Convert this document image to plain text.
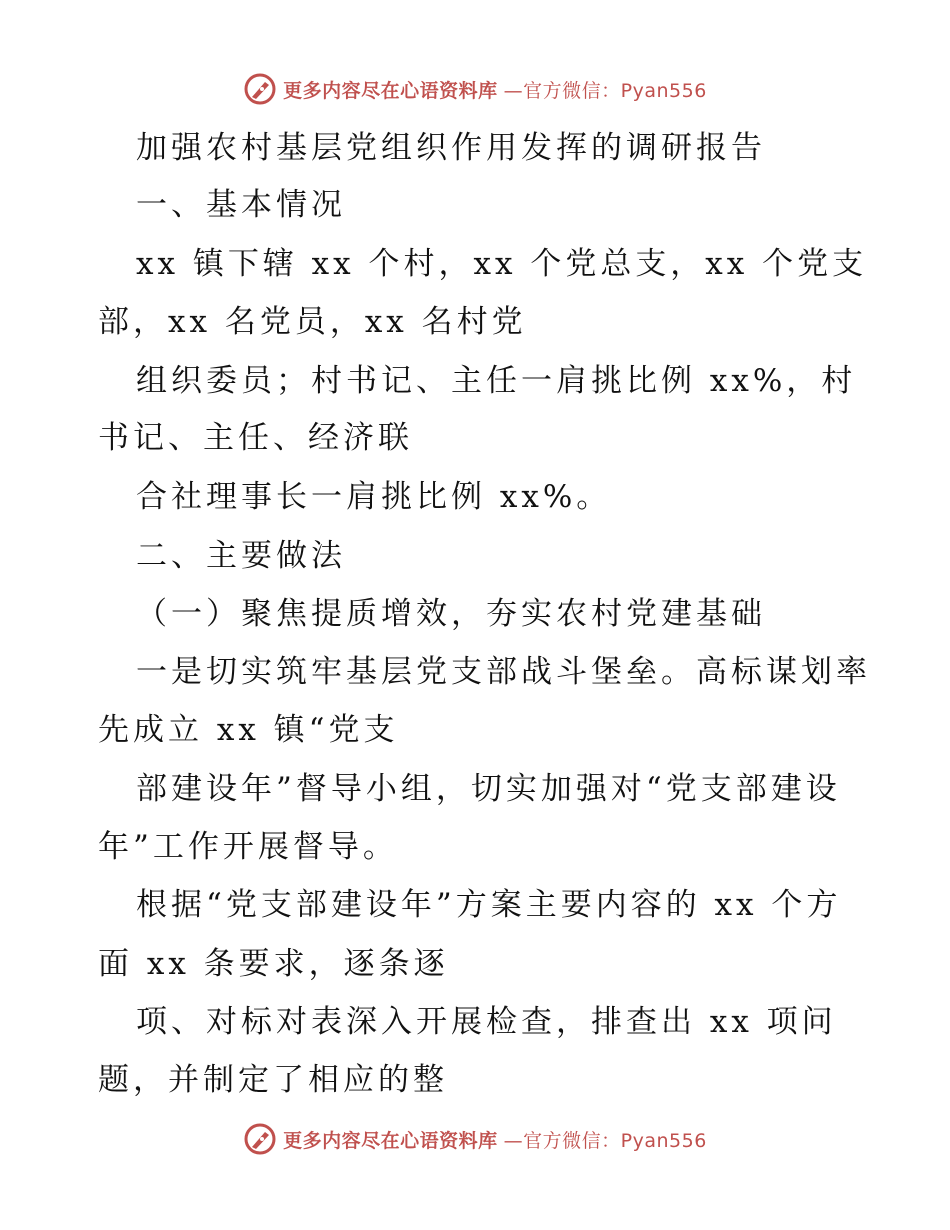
更多内容尽在心语资料库 —官方微信：Pyan556
加强农村基层党组织作用发挥的调研报告
一、基本情况
xx 镇下辖 xx 个村，xx 个党总支，xx 个党支
部，xx 名党员，xx 名村党
组织委员；村书记、主任一肩挑比例 xx%，村
书记、主任、经济联
合社理事长一肩挑比例 xx%。
二、主要做法
（一）聚焦提质增效，夯实农村党建基础
一是切实筑牢基层党支部战斗堡垒。高标谋划率
先成立 xx 镇“党支
部建设年”督导小组，切实加强对“党支部建设
年”工作开展督导。
根据“党支部建设年”方案主要内容的 xx 个方
面 xx 条要求，逐条逐
项、对标对表深入开展检查，排查出 xx 项问
题，并制定了相应的整
更多内容尽在心语资料库 —官方微信：Pyan556
